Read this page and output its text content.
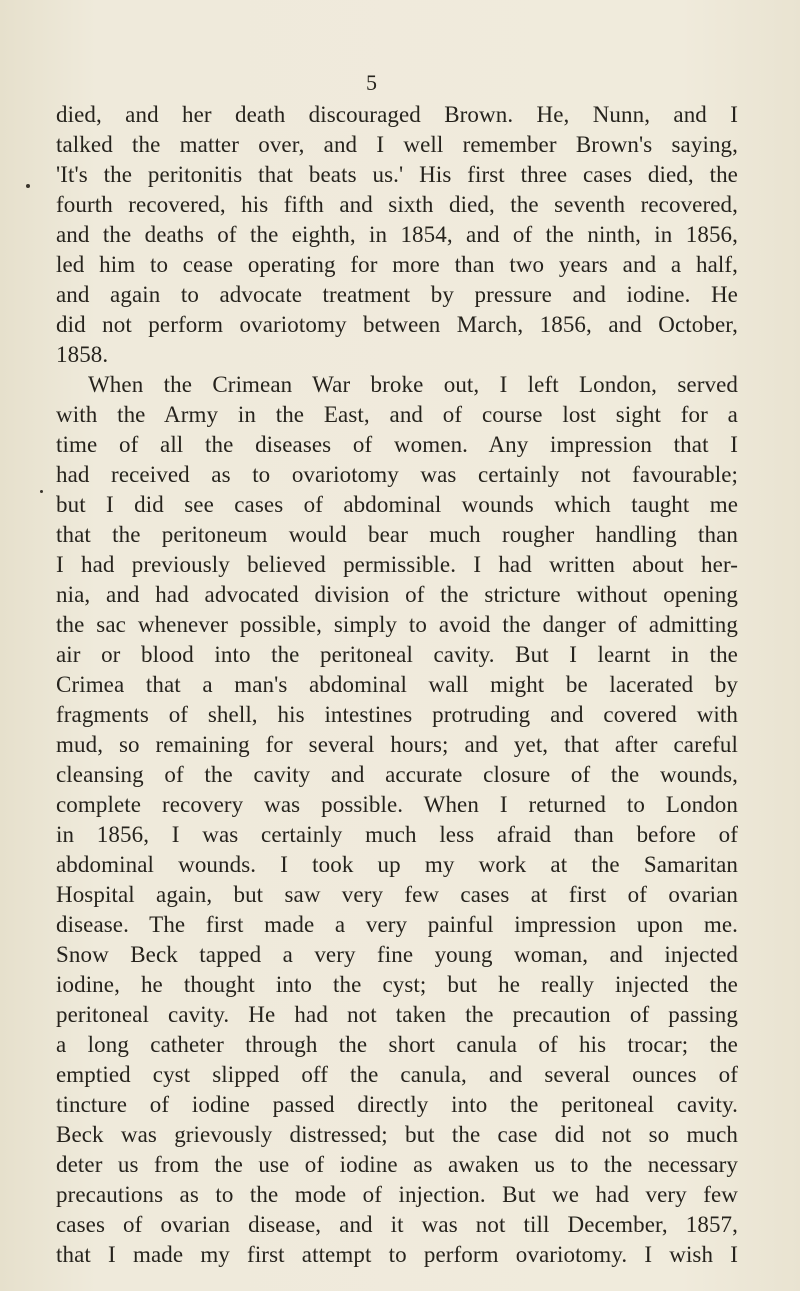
5
died, and her death discouraged Brown. He, Nunn, and I
talked the matter over, and I well remember Brown's saying,
'It's the peritonitis that beats us.' His first three cases died, the
fourth recovered, his fifth and sixth died, the seventh recovered,
and the deaths of the eighth, in 1854, and of the ninth, in 1856,
led him to cease operating for more than two years and a half,
and again to advocate treatment by pressure and iodine. He
did not perform ovariotomy between March, 1856, and October,
1858.
When the Crimean War broke out, I left London, served
with the Army in the East, and of course lost sight for a
time of all the diseases of women. Any impression that I
had received as to ovariotomy was certainly not favourable;
but I did see cases of abdominal wounds which taught me
that the peritoneum would bear much rougher handling than
I had previously believed permissible. I had written about her-
nia, and had advocated division of the stricture without opening
the sac whenever possible, simply to avoid the danger of admitting
air or blood into the peritoneal cavity. But I learnt in the
Crimea that a man's abdominal wall might be lacerated by
fragments of shell, his intestines protruding and covered with
mud, so remaining for several hours; and yet, that after careful
cleansing of the cavity and accurate closure of the wounds,
complete recovery was possible. When I returned to London
in 1856, I was certainly much less afraid than before of
abdominal wounds. I took up my work at the Samaritan
Hospital again, but saw very few cases at first of ovarian
disease. The first made a very painful impression upon me.
Snow Beck tapped a very fine young woman, and injected
iodine, he thought into the cyst; but he really injected the
peritoneal cavity. He had not taken the precaution of passing
a long catheter through the short canula of his trocar; the
emptied cyst slipped off the canula, and several ounces of
tincture of iodine passed directly into the peritoneal cavity.
Beck was grievously distressed; but the case did not so much
deter us from the use of iodine as awaken us to the necessary
precautions as to the mode of injection. But we had very few
cases of ovarian disease, and it was not till December, 1857,
that I made my first attempt to perform ovariotomy. I wish I
